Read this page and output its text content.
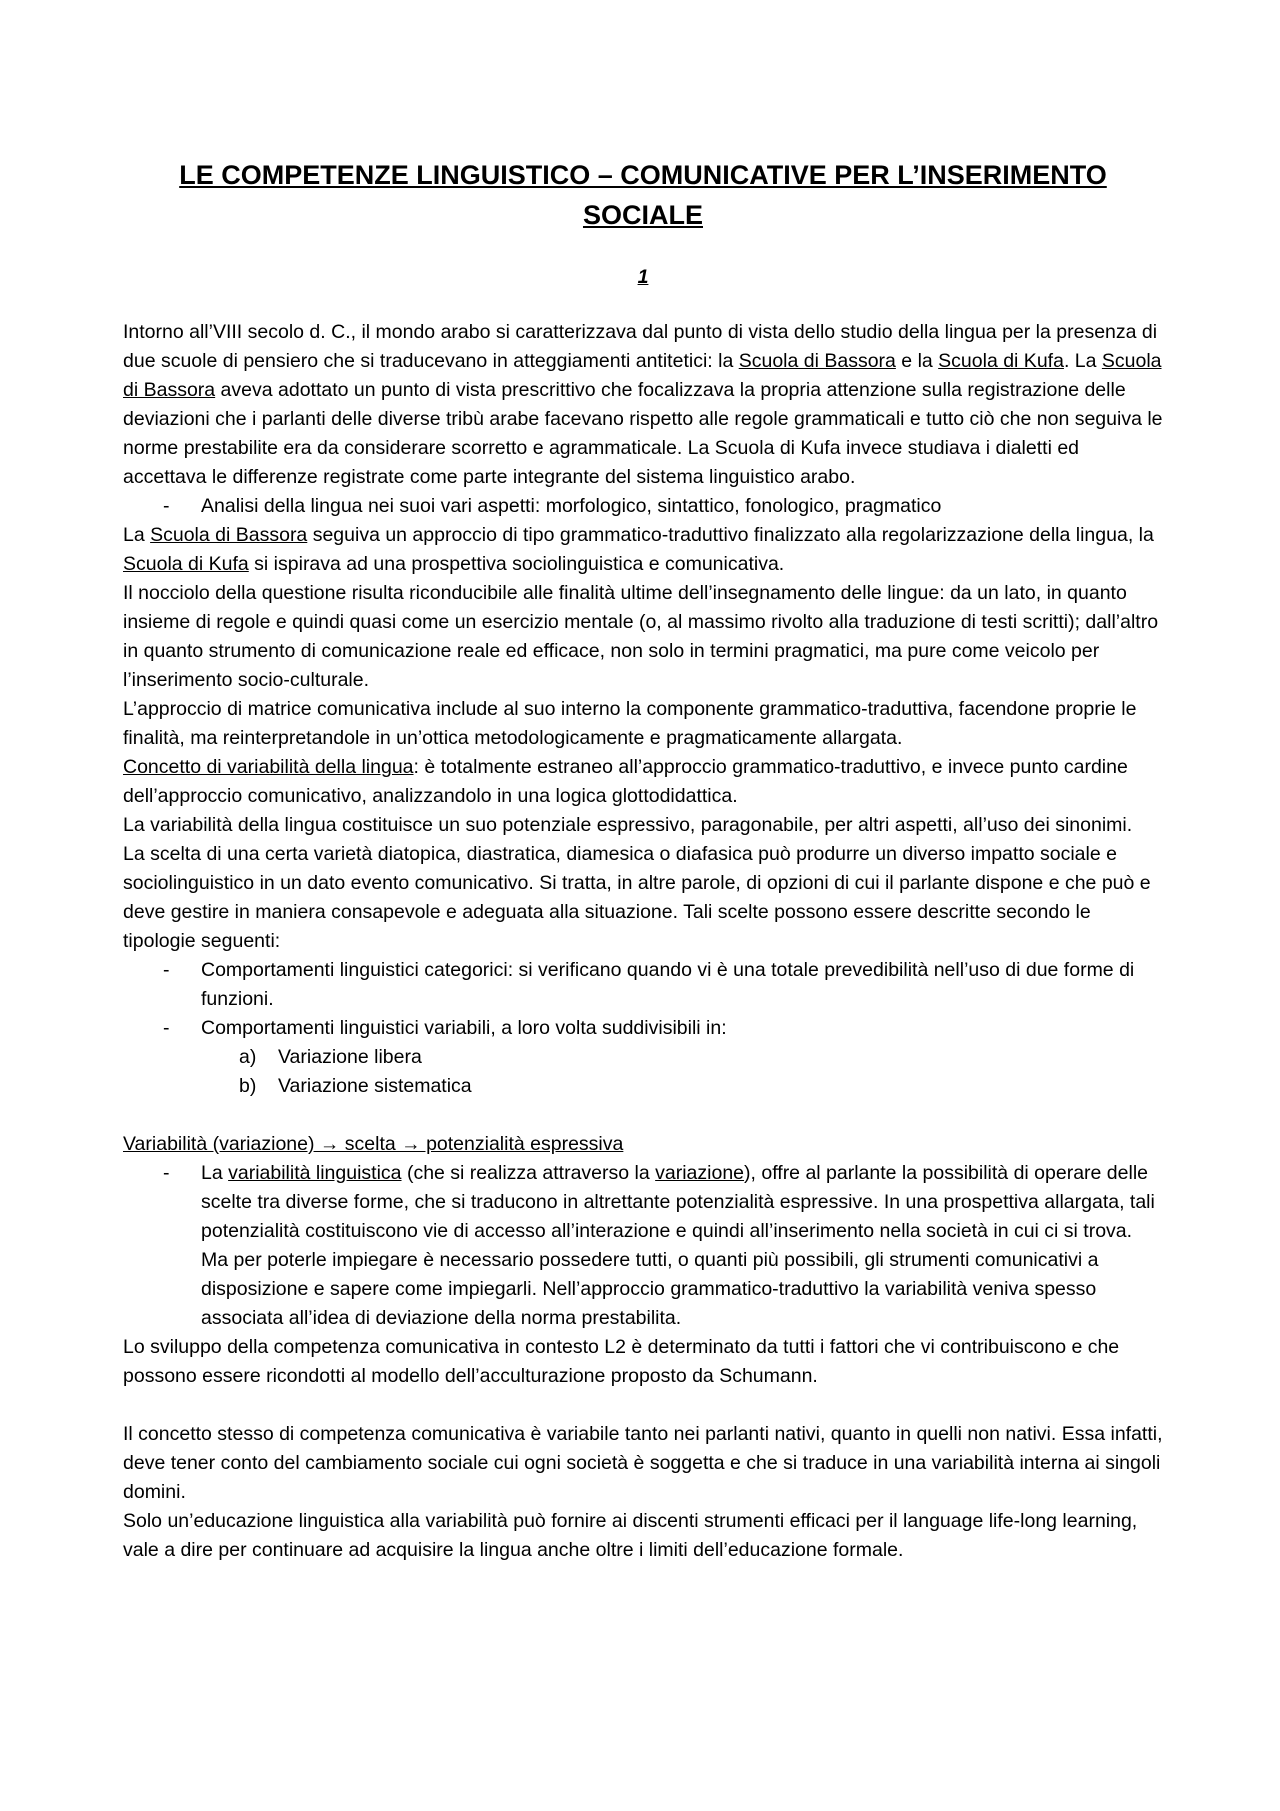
LE COMPETENZE LINGUISTICO – COMUNICATIVE PER L’INSERIMENTO SOCIALE
1

Intorno all’VIII secolo d. C., il mondo arabo si caratterizzava dal punto di vista dello studio della lingua per la presenza di due scuole di pensiero che si traducevano in atteggiamenti antitetici: la Scuola di Bassora e la Scuola di Kufa. La Scuola di Bassora aveva adottato un punto di vista prescrittivo che focalizzava la propria attenzione sulla registrazione delle deviazioni che i parlanti delle diverse tribù arabe facevano rispetto alle regole grammaticali e tutto ciò che non seguiva le norme prestabilite era da considerare scorretto e agrammaticale. La Scuola di Kufa invece studiava i dialetti ed accettava le differenze registrate come parte integrante del sistema linguistico arabo.

- Analisi della lingua nei suoi vari aspetti: morfologico, sintattico, fonologico, pragmatico

La Scuola di Bassora seguiva un approccio di tipo grammatico-traduttivo finalizzato alla regolarizzazione della lingua, la Scuola di Kufa si ispirava ad una prospettiva sociolinguistica e comunicativa.

Il nocciolo della questione risulta riconducibile alle finalità ultime dell’insegnamento delle lingue: da un lato, in quanto insieme di regole e quindi quasi come un esercizio mentale (o, al massimo rivolto alla traduzione di testi scritti); dall’altro in quanto strumento di comunicazione reale ed efficace, non solo in termini pragmatici, ma pure come veicolo per l’inserimento socio-culturale.

L’approccio di matrice comunicativa include al suo interno la componente grammatico-traduttiva, facendone proprie le finalità, ma reinterpretandole in un’ottica metodologicamente e pragmaticamente allargata.

Concetto di variabilità della lingua: è totalmente estraneo all’approccio grammatico-traduttivo, e invece punto cardine dell’approccio comunicativo, analizzandolo in una logica glottodidattica.

La variabilità della lingua costituisce un suo potenziale espressivo, paragonabile, per altri aspetti, all’uso dei sinonimi.

La scelta di una certa varietà diatopica, diastratica, diamesica o diafasica può produrre un diverso impatto sociale e sociolinguistico in un dato evento comunicativo. Si tratta, in altre parole, di opzioni di cui il parlante dispone e che può e deve gestire in maniera consapevole e adeguata alla situazione. Tali scelte possono essere descritte secondo le tipologie seguenti:

- Comportamenti linguistici categorici: si verificano quando vi è una totale prevedibilità nell’uso di due forme di funzioni.

- Comportamenti linguistici variabili, a loro volta suddivisibili in:

a) Variazione libera

b) Variazione sistematica

Variabilità (variazione) → scelta → potenzialità espressiva

- La variabilità linguistica (che si realizza attraverso la variazione), offre al parlante la possibilità di operare delle scelte tra diverse forme, che si traducono in altrettante potenzialità espressive. In una prospettiva allargata, tali potenzialità costituiscono vie di accesso all’interazione e quindi all’inserimento nella società in cui ci si trova. Ma per poterle impiegare è necessario possedere tutti, o quanti più possibili, gli strumenti comunicativi a disposizione e sapere come impiegarli. Nell’approccio grammatico-traduttivo la variabilità veniva spesso associata all’idea di deviazione della norma prestabilita.

Lo sviluppo della competenza comunicativa in contesto L2 è determinato da tutti i fattori che vi contribuiscono e che possono essere ricondotti al modello dell’acculturazione proposto da Schumann.

Il concetto stesso di competenza comunicativa è variabile tanto nei parlanti nativi, quanto in quelli non nativi. Essa infatti, deve tener conto del cambiamento sociale cui ogni società è soggetta e che si traduce in una variabilità interna ai singoli domini.

Solo un’educazione linguistica alla variabilità può fornire ai discenti strumenti efficaci per il language life-long learning, vale a dire per continuare ad acquisire la lingua anche oltre i limiti dell’educazione formale.
